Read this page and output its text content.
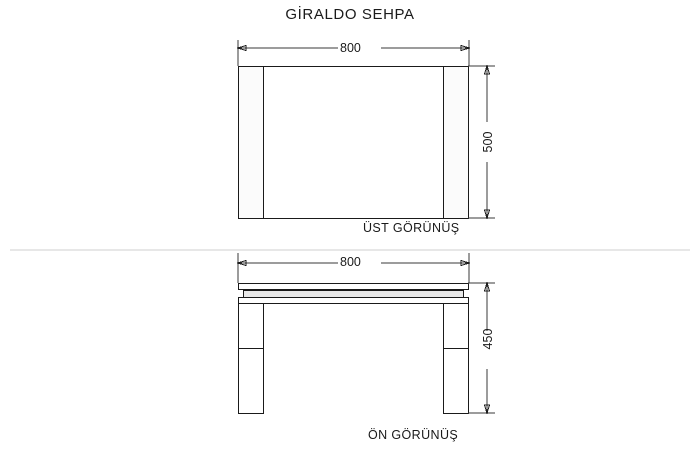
GİRALDO SEHPA
800
500
800
450
ÜST GÖRÜNÜŞ
ÖN GÖRÜNÜŞ
